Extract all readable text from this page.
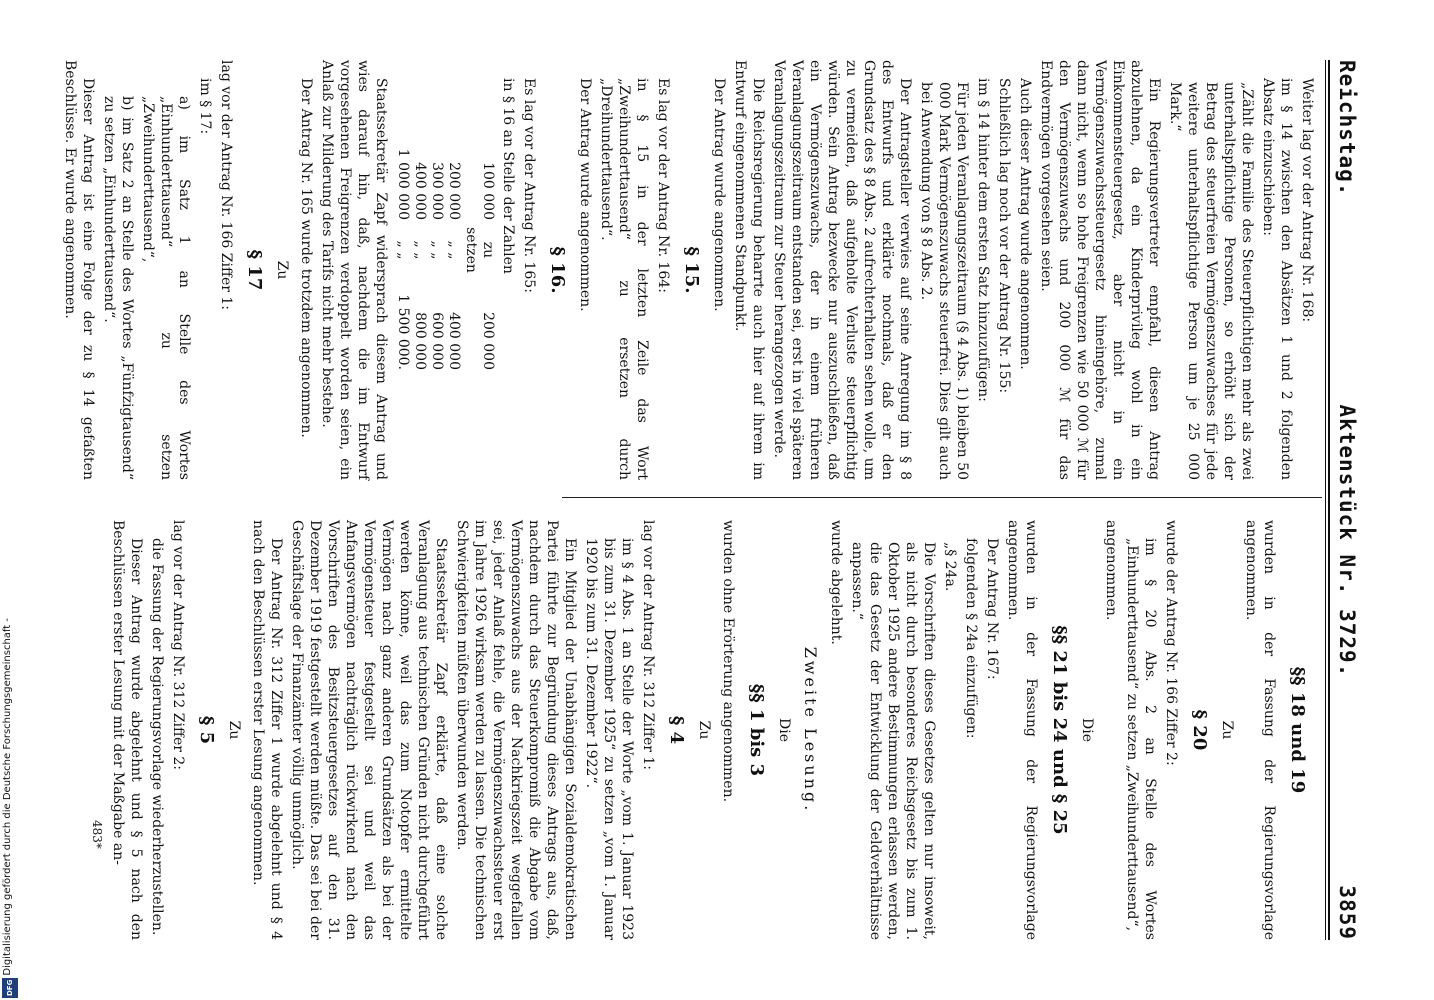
Reichstag.
Aktenstück Nr. 3729.
3859

Weiter lag vor der Antrag Nr. 168:

im § 14 zwischen den Absätzen 1 und 2 folgenden Absatz einzuschieben:

„Zählt die Familie des Steuerpflichtigen mehr als zwei unterhaltspflichtige Personen, so erhöht sich der Betrag des steuerfreien Vermögenszuwachses für jede weitere unterhaltspflichtige Person um je 25 000 Mark.“

Ein Regierungsvertreter empfahl, diesen Antrag abzulehnen, da ein Kinderprivileg wohl in ein Einkommensteuergesetz, aber nicht in ein Vermögenszuwachssteuergesetz hineingehöre, zumal dann nicht, wenn so hohe Freigrenzen wie 50 000 ℳ für den Vermögenszuwachs und 200 000 ℳ für das Endvermögen vorgesehen seien.

Auch dieser Antrag wurde angenommen.

Schließlich lag noch vor der Antrag Nr. 155:

im § 14 hinter dem ersten Satz hinzuzufügen:

Für jeden Veranlagungszeitraum (§ 4 Abs. 1) bleiben 50 000 Mark Vermögenszuwachs steuerfrei. Dies gilt auch bei Anwendung von § 8 Abs. 2.

Der Antragsteller verwies auf seine Anregung im § 8 des Entwurfs und erklärte nochmals, daß er den Grundsatz des § 8 Abs. 2 aufrechterhalten sehen wolle, um zu vermeiden, daß aufgeholte Verluste steuerpflichtig würden. Sein Antrag bezwecke nur auszuschließen, daß ein Vermögenszuwachs, der in einem früheren Veranlagungszeitraum entstanden sei, erst in viel späteren Veranlagungszeitraum zur Steuer herangezogen werde.

Die Reichsregierung beharrte auch hier auf ihrem im Entwurf eingenommenen Standpunkt.

Der Antrag wurde angenommen.

§ 15.

Es lag vor der Antrag Nr. 164:

in § 15 in der letzten Zeile das Wort „Zweihunderttausend“ zu ersetzen durch „Dreihunderttausend“.

Der Antrag wurde angenommen.

§ 16.

Es lag vor der Antrag Nr. 165:

in § 16 an Stelle der Zahlen

100 000
zu setzen
200 000
200 000
„ „
400 000
300 000
„ „
600 000
400 000
„ „
800 000
1 000 000
„ „
1 500 000.

Staatssekretär Zapf widersprach diesem Antrag und wies darauf hin, daß, nachdem die im Entwurf vorgesehenen Freigrenzen verdoppelt worden seien, ein Anlaß zur Milderung des Tarifs nicht mehr bestehe.

Der Antrag Nr. 165 wurde trotzdem angenommen.

Zu

§ 17

lag vor der Antrag Nr. 166 Ziffer 1:

im § 17:

a) im Satz 1 an Stelle des Wortes „Einhunderttausend“ zu setzen „Zweihunderttausend“,

b) im Satz 2 an Stelle des Wortes „Fünfzigtausend“ zu setzen „Einhunderttausend“.

Dieser Antrag ist eine Folge der zu § 14 gefaßten Beschlüsse. Er wurde angenommen.

§§ 18 und 19

wurden in der Fassung der Regierungsvorlage angenommen.

Zu

§ 20

wurde der Antrag Nr. 166 Ziffer 2:

im § 20 Abs. 2 an Stelle des Wortes „Einhunderttausend“ zu setzen „Zweihunderttausend“,

angenommen.

Die

§§ 21 bis 24 und § 25

wurden in der Fassung der Regierungsvorlage angenommen.

Der Antrag Nr. 167:

folgenden § 24a einzufügen:

„§ 24a.

Die Vorschriften dieses Gesetzes gelten nur insoweit, als nicht durch besonderes Reichsgesetz bis zum 1. Oktober 1925 andere Bestimmungen erlassen werden, die das Gesetz der Entwicklung der Geldverhältnisse anpassen.“

wurde abgelehnt.

Zweite Lesung.

Die

§§ 1 bis 3

wurden ohne Erörterung angenommen.

Zu

§ 4

lag vor der Antrag Nr. 312 Ziffer 1:

im § 4 Abs. 1 an Stelle der Worte „vom 1. Januar 1923 bis zum 31. Dezember 1925“ zu setzen „vom 1. Januar 1920 bis zum 31. Dezember 1922“.

Ein Mitglied der Unabhängigen Sozialdemokratischen Partei führte zur Begründung dieses Antrags aus, daß, nachdem durch das Steuerkompromiß die Abgabe vom Vermögenszuwachs aus der Nachkriegszeit weggefallen sei, jeder Anlaß fehle, die Vermögenszuwachssteuer erst im Jahre 1926 wirksam werden zu lassen. Die technischen Schwierigkeiten müßten überwunden werden.

Staatssekretär Zapf erklärte, daß eine solche Veranlagung aus technischen Gründen nicht durchgeführt werden könne, weil das zum Notopfer ermittelte Vermögen nach ganz anderen Grundsätzen als bei der Vermögensteuer festgestellt sei und weil das Anfangsvermögen nachträglich rückwirkend nach den Vorschriften des Besitzsteuergesetzes auf den 31. Dezember 1919 festgestellt werden müßte. Das sei bei der Geschäftslage der Finanzämter völlig unmöglich.

Der Antrag Nr. 312 Ziffer 1 wurde abgelehnt und § 4 nach den Beschlüssen erster Lesung angenommen.

Zu

§ 5

lag vor der Antrag Nr. 312 Ziffer 2:

die Fassung der Regierungsvorlage wiederherzustellen.

Dieser Antrag wurde abgelehnt und § 5 nach den Beschlüssen erster Lesung mit der Maßgabe an-

483*
Digitalisierung gefördert durch die Deutsche Forschungsgemeinschaft -
DFG
